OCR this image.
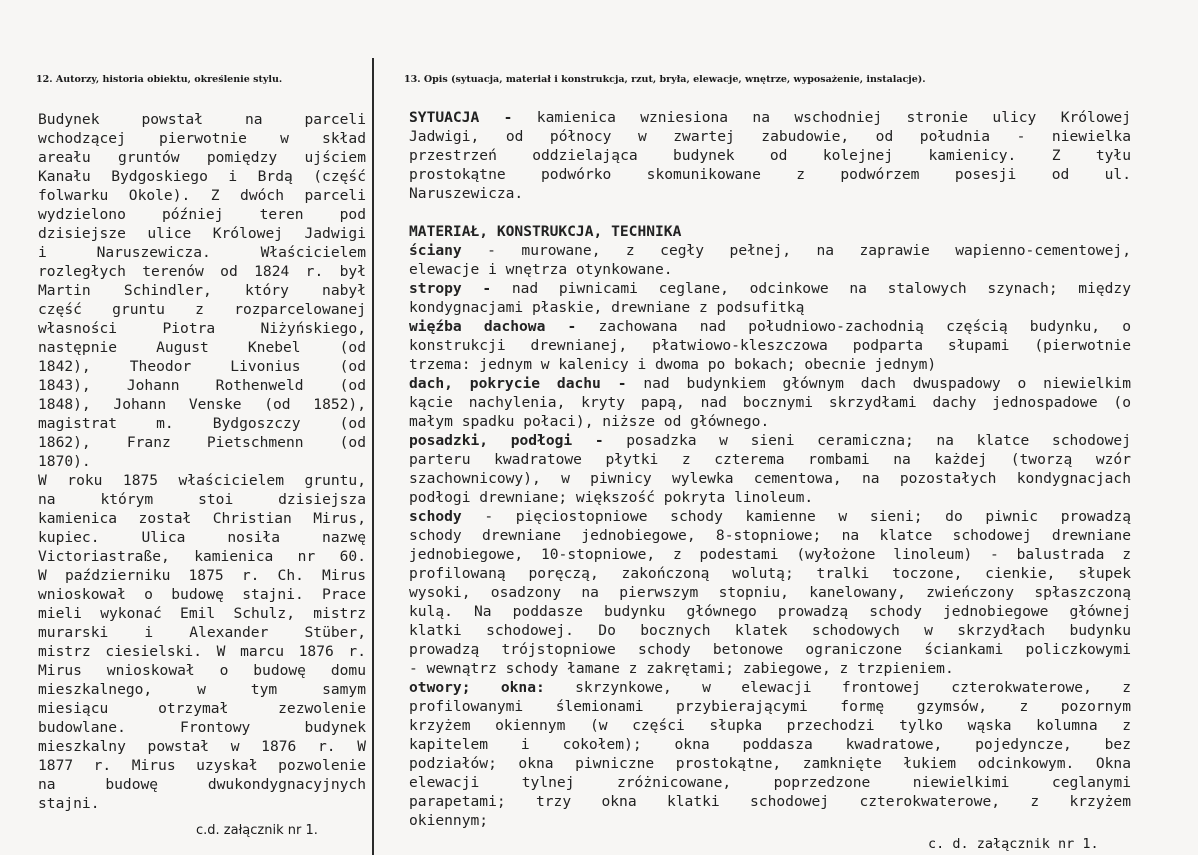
12. Autorzy, historia obiektu, określenie stylu.	13. Opis (sytuacja, materiał i konstrukcja, rzut, bryła, elewacje, wnętrze, wyposażenie, instalacje).
Budynek powstał na parceli
wchodzącej pierwotnie w skład
areału gruntów pomiędzy ujściem
Kanału Bydgoskiego i Brdą (część
folwarku Okole). Z dwóch parceli
wydzielono później teren pod
dzisiejsze ulice Królowej Jadwigi
i Naruszewicza. Właścicielem
rozległych terenów od 1824 r. był
Martin Schindler, który nabył
część gruntu z rozparcelowanej
własności Piotra Niżyńskiego,
następnie August Knebel (od
1842), Theodor Livonius (od
1843), Johann Rothenweld (od
1848), Johann Venske (od 1852),
magistrat m. Bydgoszczy (od
1862), Franz Pietschmenn (od
1870).
W roku 1875 właścicielem gruntu,
na którym stoi dzisiejsza
kamienica został Christian Mirus,
kupiec. Ulica nosiła nazwę
Victoriastraße, kamienica nr 60.
W październiku 1875 r. Ch. Mirus
wnioskował o budowę stajni. Prace
mieli wykonać Emil Schulz, mistrz
murarski i Alexander Stüber,
mistrz ciesielski. W marcu 1876 r.
Mirus wnioskował o budowę domu
mieszkalnego, w tym samym
miesiącu otrzymał zezwolenie
budowlane. Frontowy budynek
mieszkalny powstał w 1876 r. W
1877 r. Mirus uzyskał pozwolenie
na budowę dwukondygnacyjnych
stajni.
SYTUACJA - kamienica wzniesiona na wschodniej stronie ulicy Królowej
Jadwigi, od północy w zwartej zabudowie, od południa - niewielka
przestrzeń oddzielająca budynek od kolejnej kamienicy. Z tyłu
prostokątne podwórko skomunikowane z podwórzem posesji od ul.
Naruszewicza.
MATERIAŁ, KONSTRUKCJA, TECHNIKA
ściany - murowane, z cegły pełnej, na zaprawie wapienno-cementowej,
elewacje i wnętrza otynkowane.
stropy - nad piwnicami ceglane, odcinkowe na stalowych szynach; między
kondygnacjami płaskie, drewniane z podsufitką
więźba dachowa - zachowana nad południowo-zachodnią częścią budynku, o
konstrukcji drewnianej, płatwiowo-kleszczowa podparta słupami (pierwotnie
trzema: jednym w kalenicy i dwoma po bokach; obecnie jednym)
dach, pokrycie dachu - nad budynkiem głównym dach dwuspadowy o niewielkim
kącie nachylenia, kryty papą, nad bocznymi skrzydłami dachy jednospadowe (o
małym spadku połaci), niższe od głównego.
posadzki, podłogi - posadzka w sieni ceramiczna; na klatce schodowej
parteru kwadratowe płytki z czterema rombami na każdej (tworzą wzór
szachownicowy), w piwnicy wylewka cementowa, na pozostałych kondygnacjach
podłogi drewniane; większość pokryta linoleum.
schody - pięciostopniowe schody kamienne w sieni; do piwnic prowadzą
schody drewniane jednobiegowe, 8-stopniowe; na klatce schodowej drewniane
jednobiegowe, 10-stopniowe, z podestami (wyłożone linoleum) - balustrada z
profilowaną poręczą, zakończoną wolutą; tralki toczone, cienkie, słupek
wysoki, osadzony na pierwszym stopniu, kanelowany, zwieńczony spłaszczoną
kulą. Na poddasze budynku głównego prowadzą schody jednobiegowe głównej
klatki schodowej. Do bocznych klatek schodowych w skrzydłach budynku
prowadzą trójstopniowe schody betonowe ograniczone ściankami policzkowymi
- wewnątrz schody łamane z zakrętami; zabiegowe, z trzpieniem.
otwory; okna: skrzynkowe, w elewacji frontowej czterokwaterowe, z
profilowanymi ślemionami przybierającymi formę gzymsów, z pozornym
krzyżem okiennym (w części słupka przechodzi tylko wąska kolumna z
kapitelem i cokołem); okna poddasza kwadratowe, pojedyncze, bez
podziałów; okna piwniczne prostokątne, zamknięte łukiem odcinkowym. Okna
elewacji tylnej zróżnicowane, poprzedzone niewielkimi ceglanymi
parapetami; trzy okna klatki schodowej czterokwaterowe, z krzyżem
okiennym;
c.d. załącznik nr 1.
c. d. załącznik nr 1.
